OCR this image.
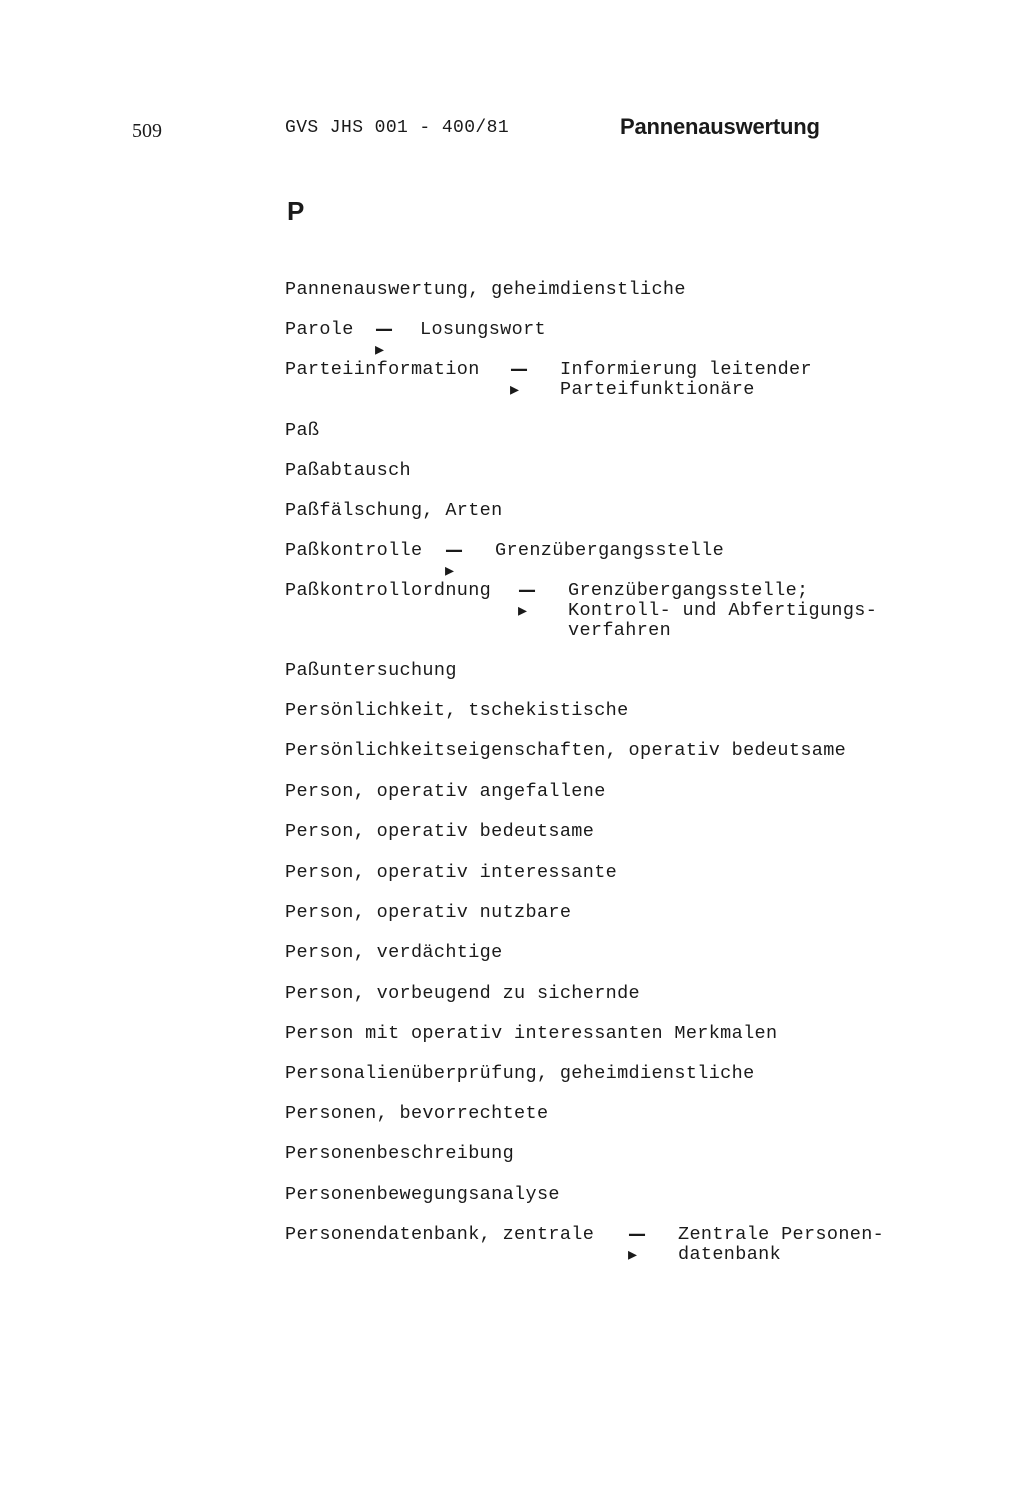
509	GVS JHS 001 - 400/81	Pannenauswertung
P
Pannenauswertung, geheimdienstliche
Parole —▸
Losungswort
Parteiinformation —▸
Informierung leitender
Parteifunktionäre
Paß
Paßabtausch
Paßfälschung, Arten
Paßkontrolle —▸
Grenzübergangsstelle
Paßkontrollordnung —▸
Grenzübergangsstelle;
Kontroll- und Abfertigungs-
verfahren
Paßuntersuchung
Persönlichkeit, tschekistische
Persönlichkeitseigenschaften, operativ bedeutsame
Person, operativ angefallene
Person, operativ bedeutsame
Person, operativ interessante
Person, operativ nutzbare
Person, verdächtige
Person, vorbeugend zu sichernde
Person mit operativ interessanten Merkmalen
Personalienüberprüfung, geheimdienstliche
Personen, bevorrechtete
Personenbeschreibung
Personenbewegungsanalyse
Personendatenbank, zentrale —▸
Zentrale Personen-
datenbank
